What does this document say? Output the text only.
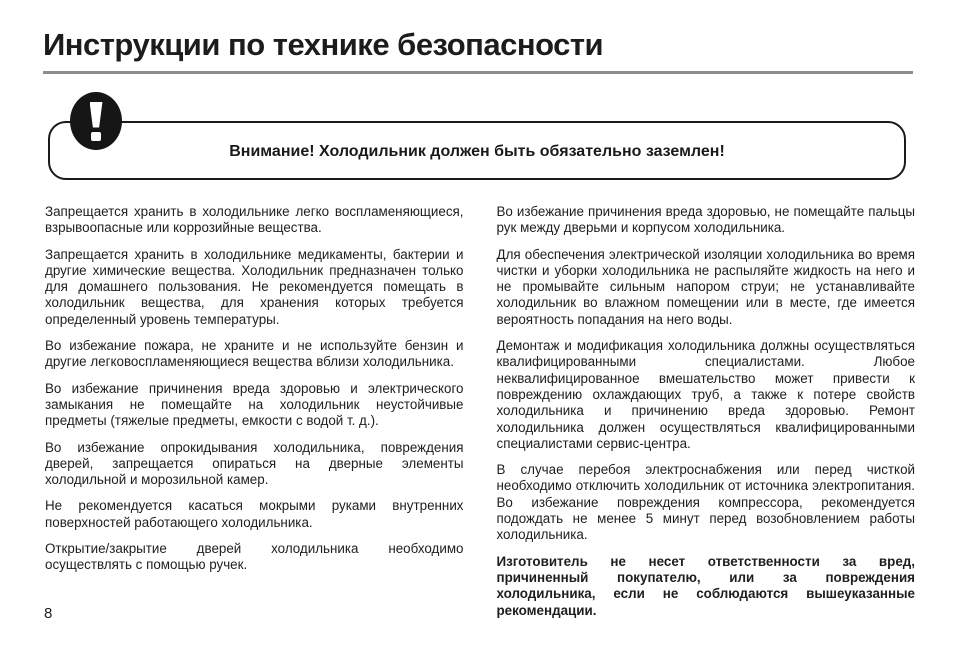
Инструкции по технике безопасности

Внимание! Холодильник должен быть обязательно заземлен!

Запрещается хранить в холодильнике легко воспламеняющиеся, взрывоопасные или коррозийные вещества.

Запрещается хранить в холодильнике медикаменты, бактерии и другие химические вещества. Холодильник предназначен только для домашнего пользования. Не рекомендуется помещать в холодильник вещества, для хранения которых требуется определенный уровень температуры.

Во избежание пожара, не храните и не используйте бензин и другие легковоспламеняющиеся вещества вблизи холодильника.

Во избежание причинения вреда здоровью и электрического замыкания не помещайте на холодильник неустойчивые предметы (тяжелые предметы, емкости с водой т. д.).

Во избежание опрокидывания холодильника, повреждения дверей, запрещается опираться на дверные элементы холодильной и морозильной камер.

Не рекомендуется касаться мокрыми руками внутренних поверхностей работающего холодильника.

Открытие/закрытие дверей холодильника необходимо осуществлять с помощью ручек.

Во избежание причинения вреда здоровью, не помещайте пальцы рук между дверьми и корпусом холодильника.

Для обеспечения электрической изоляции холодильника во время чистки и уборки холодильника не распыляйте жидкость на него и не промывайте сильным напором струи; не устанавливайте холодильник во влажном помещении или в месте, где имеется вероятность попадания на него воды.

Демонтаж и модификация холодильника должны осуществляться квалифицированными специалистами. Любое неквалифицированное вмешательство может привести к повреждению охлаждающих труб, а также к потере свойств холодильника и причинению вреда здоровью. Ремонт холодильника должен осуществляться квалифицированными специалистами сервис-центра.

В случае перебоя электроснабжения или перед чисткой необходимо отключить холодильник от источника электропитания. Во избежание повреждения компрессора, рекомендуется подождать не менее 5 минут перед возобновлением работы холодильника.

Изготовитель не несет ответственности за вред, причиненный покупателю, или за повреждения холодильника, если не соблюдаются вышеуказанные рекомендации.

8
